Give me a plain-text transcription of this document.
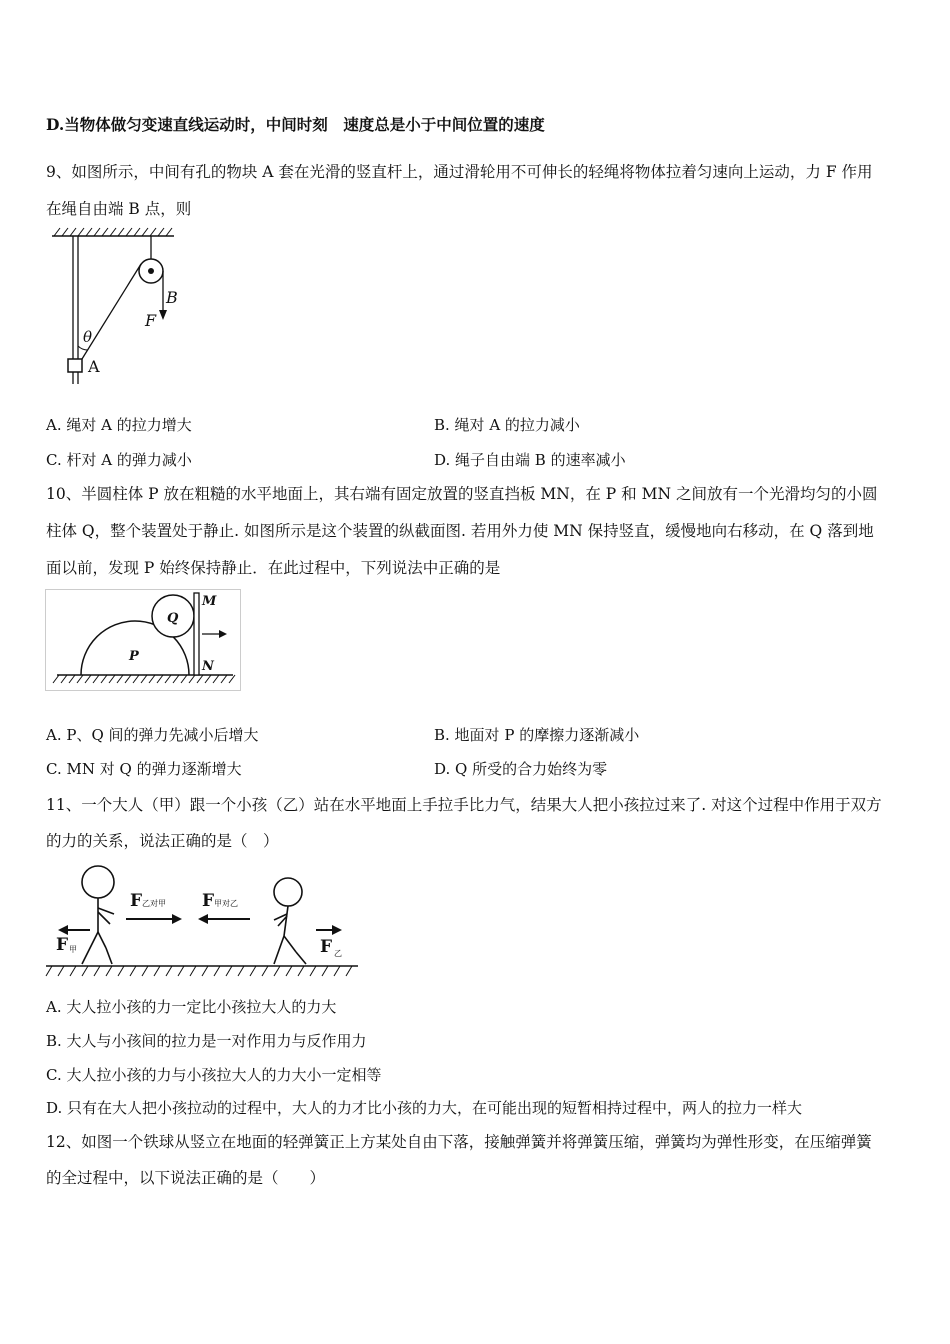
D.当物体做匀变速直线运动时，中间时刻　速度总是小于中间位置的速度
9、如图所示，中间有孔的物块 A 套在光滑的竖直杆上，通过滑轮用不可伸长的轻绳将物体拉着匀速向上运动，力 F 作用
在绳自由端 B 点，则
B
F
θ
A
A. 绳对 A 的拉力增大	B. 绳对 A 的拉力减小
C. 杆对 A 的弹力减小	D. 绳子自由端 B 的速率减小
10、半圆柱体 P 放在粗糙的水平地面上，其右端有固定放置的竖直挡板 MN，在 P 和 MN 之间放有一个光滑均匀的小圆
柱体 Q，整个装置处于静止. 如图所示是这个装置的纵截面图. 若用外力使 MN 保持竖直，缓慢地向右移动，在 Q 落到地
面以前，发现 P 始终保持静止．在此过程中，下列说法中正确的是
Q
P
M
N
A. P、Q 间的弹力先减小后增大	B. 地面对 P 的摩擦力逐渐减小
C. MN 对 Q 的弹力逐渐增大	D. Q 所受的合力始终为零
11、一个大人（甲）跟一个小孩（乙）站在水平地面上手拉手比力气，结果大人把小孩拉过来了. 对这个过程中作用于双方
的力的关系，说法正确的是（　）
F 乙对甲 F 甲对乙
F 甲	F 乙
A. 大人拉小孩的力一定比小孩拉大人的力大
B. 大人与小孩间的拉力是一对作用力与反作用力
C. 大人拉小孩的力与小孩拉大人的力大小一定相等
D. 只有在大人把小孩拉动的过程中，大人的力才比小孩的力大，在可能出现的短暂相持过程中，两人的拉力一样大
12、如图一个铁球从竖立在地面的轻弹簧正上方某处自由下落，接触弹簧并将弹簧压缩，弹簧均为弹性形变，在压缩弹簧
的全过程中，以下说法正确的是（　　）
